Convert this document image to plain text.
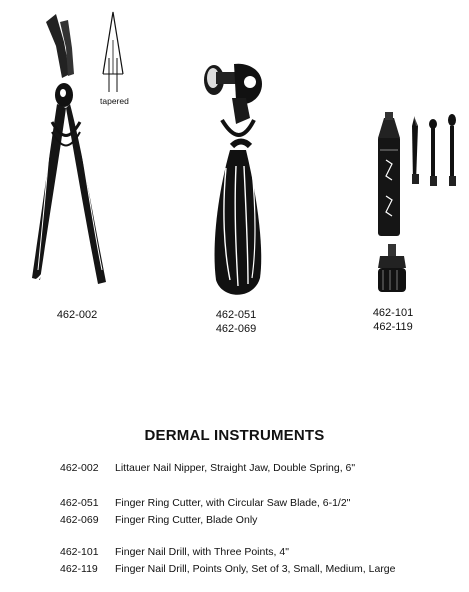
tapered
462-002	462-051
462-069
462-101
462-119
DERMAL INSTRUMENTS
462-002 Littauer Nail Nipper, Straight Jaw, Double Spring, 6"
462-051 Finger Ring Cutter, with Circular Saw Blade, 6-1/2"
462-069 Finger Ring Cutter, Blade Only
462-101 Finger Nail Drill, with Three Points, 4"
462-119 Finger Nail Drill, Points Only, Set of 3, Small, Medium, Large
